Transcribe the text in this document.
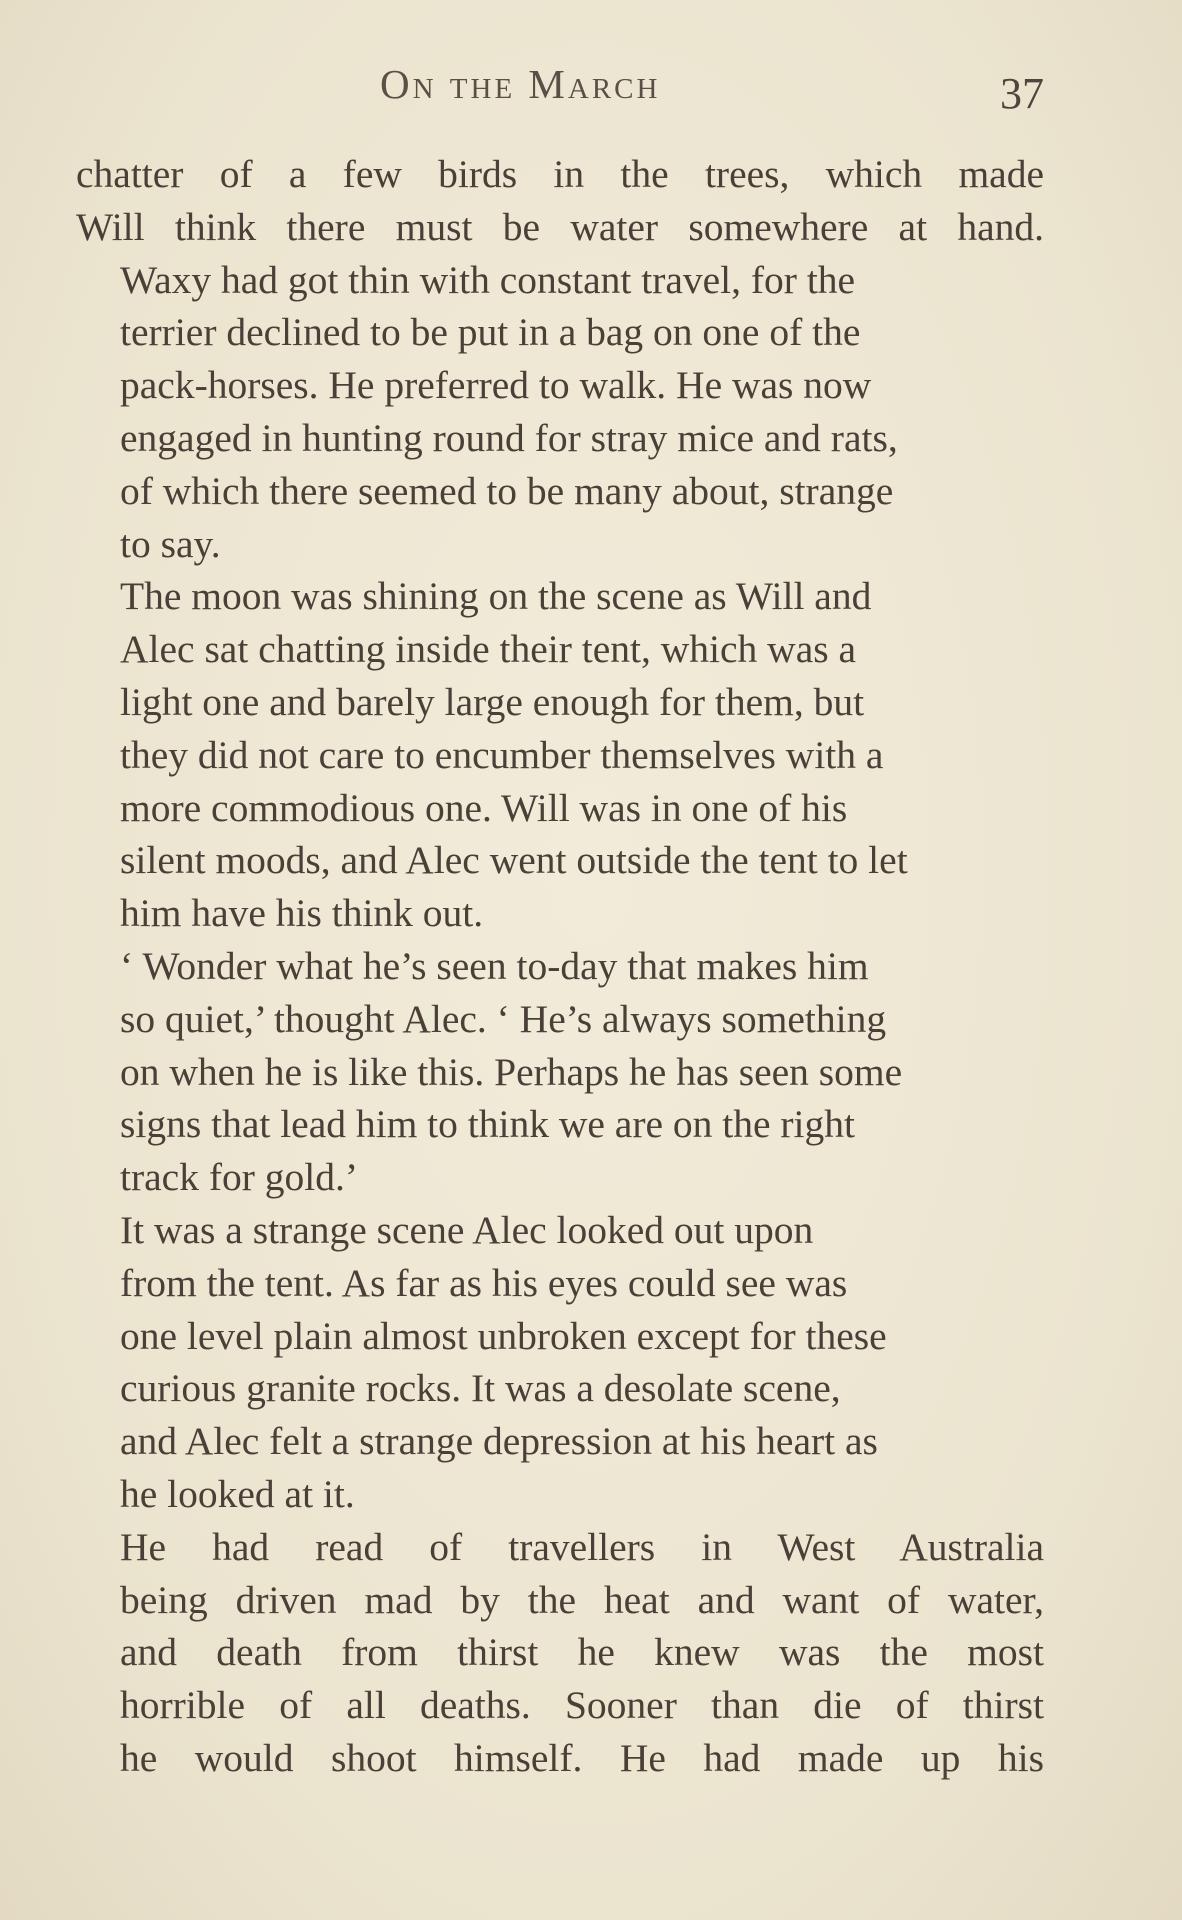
On the March	37

chatter of a few birds in the trees, which made
Will think there must be water somewhere at hand.

Waxy had got thin with constant travel, for the
terrier declined to be put in a bag on one of the
pack-horses. He preferred to walk. He was now
engaged in hunting round for stray mice and rats,
of which there seemed to be many about, strange
to say.

The moon was shining on the scene as Will and
Alec sat chatting inside their tent, which was a
light one and barely large enough for them, but
they did not care to encumber themselves with a
more commodious one. Will was in one of his
silent moods, and Alec went outside the tent to let
him have his think out.

‘ Wonder what he’s seen to-day that makes him
so quiet,’ thought Alec. ‘ He’s always something
on when he is like this. Perhaps he has seen some
signs that lead him to think we are on the right
track for gold.’

It was a strange scene Alec looked out upon
from the tent. As far as his eyes could see was
one level plain almost unbroken except for these
curious granite rocks. It was a desolate scene,
and Alec felt a strange depression at his heart as
he looked at it.

He had read of travellers in West Australia
being driven mad by the heat and want of water,
and death from thirst he knew was the most
horrible of all deaths. Sooner than die of thirst
he would shoot himself. He had made up his
